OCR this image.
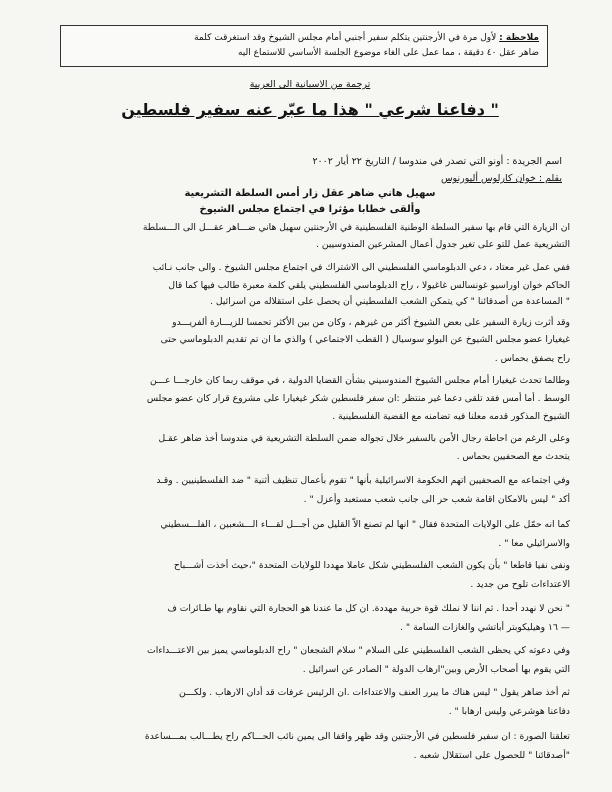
ملاحظة : لأول مرة في الأرجنتين يتكلم سفير أجنبي أمام مجلس الشيوخ وقد استغرقت كلمة
ضاهر عقل ٤٠ دقيقة ، مما عمل على الغاء موضوع الجلسة الأساسي للاستماع اليه
ترجمة من الاسبانية الى العربية
" دفاعنا شرعي " هذا ما عبّر عنه سفير فلسطين
اسم الجريدة : أونو التي تصدر في مندوسا / التاريخ ٢٢ أيار ٢٠٠٢
بقلم : خوان كارلوس أليورنوس
سهيل هاني ضاهر عقل زار أمس السلطة التشريعية
وألقى خطابا مؤثرا في اجتماع مجلس الشيوخ
ان الزيارة التي قام بها سفير السلطة الوطنية الفلسطينية في الأرجنتين سهيل هاني ضـــاهر عقـــل الى الـــسلطة
التشريعية عمل للتو على تغير جدول أعمال المشرعين المندوسيين .
ففي عمل غير معتاد ، دعي الدبلوماسي الفلسطيني الى الاشتراك في اجتماع مجلس الشيوخ . والى جانب نـائب
الحاكم خوان اوراسيو غونسالس غاغيولا ، راح الدبلوماسي الفلسطيني يلقي كلمة معبرة طالب فيها كما قال
" المساعدة من أصدقائنا " كي يتمكن الشعب الفلسطيني أن يحصل على استقلاله من اسرائيل .
وقد أثرت زيارة السفير على بعض الشيوخ أكثر من غيرهم ، وكان من بين الأكثر تحمسا للزيـــارة ألفريـــدو
غيغيارا عضو مجلس الشيوخ عن البولو سوسيال ( القطب الاجتماعي ) والذي ما ان تم تقديم الدبلوماسي حتى
راح يصفق بحماس .
وطالما تحدث غيغيارا أمام مجلس الشيوخ المندوسيني بشأن القضايا الدولية ، في موقف ربما كان خارجـــا عـــن
الوسط . أما أمس فقد تلقى دعما غير منتظر :ان سفر فلسطين شكر غيغيارا على مشروع قرار كان عضو مجلس
الشيوخ المذكور قدمه معلنا فيه تضامنه مع القضية الفلسطينية .
وعلى الرغم من احاطة رجال الأمن بالسفير خلال تجواله ضمن السلطة التشريعية في مندوسا أخذ ضاهر عقـل
يتحدث مع الصحفيين بحماس .
وفي اجتماعه مع الصحفيين اتهم الحكومة الاسرائيلية بأنها " تقوم بأعمال تنظيف أثنية " ضد الفلسطينيين . وقـد
أكد " ليس بالامكان اقامة شعب حر الى جانب شعب مستعبد وأعزل " .
كما انه حمّل على الولايات المتحدة فقال " انها لم تصنع الاّ القليل من أجـــل لقـــاء الـــشعبين ، الفلـــسطيني
والاسرائيلي معا " .
ونفى نفيا قاطعا " بأن يكون الشعب الفلسطيني شكل عاملا مهددا للولايات المتحدة "،حيث أخذت أشـــباح
الاعتداءات تلوح من جديد .
" نحن لا نهدد أحدا . ثم اننا لا نملك قوة حربية مهددة. ان كل ما عندنا هو الحجارة التي نقاوم بها طـائرات ف
— ١٦ وهيليكوبتر أباتشي والغازات السامة " .
وفي دعوته كي يحظى الشعب الفلسطيني على السلام " سلام الشجعان " راح الدبلوماسي يميز بين الاعتـــداءات
التي يقوم بها أصحاب الأرض وبين"ارهاب الدولة " الصادر عن اسرائيل .
ثم أخذ ضاهر يقول " ليس هناك ما يبرر العنف والاعتداءات .ان الرئيس عرفات قد أدان الارهاب . ولكـــن
دفاعنا هوشرعي وليس ارهابا " .
تعلقنا الصورة : ان سفير فلسطين في الأرجنتين وقد ظهر واقفا الى يمين نائب الحـــاكم راح يطـــالب بمـــساعدة
"أصدقائنا " للحصول على استقلال شعبه .
